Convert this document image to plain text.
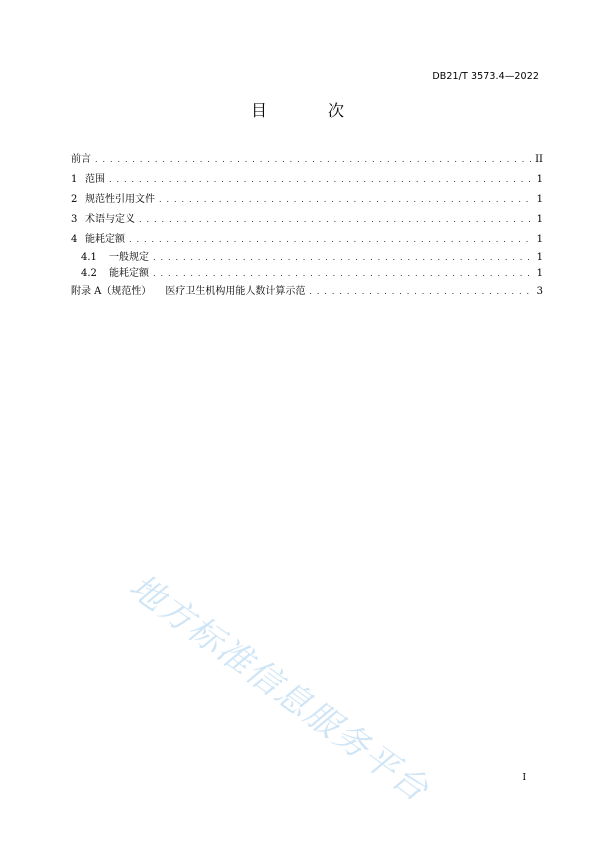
DB21/T 3573.4—2022
目 次
前言 . . .	II
1 范围 . . .	1
2 规范性引用文件 . . .	1
3 术语与定义 . . .	1
4 能耗定额 . . .	1
4.1	一般规定 . . .	1
4.2	能耗定额 . . .	1
附录 A（规范性） 医疗卫生机构用能人数计算示范 . . .	3
地方标准信息服务平台	I
